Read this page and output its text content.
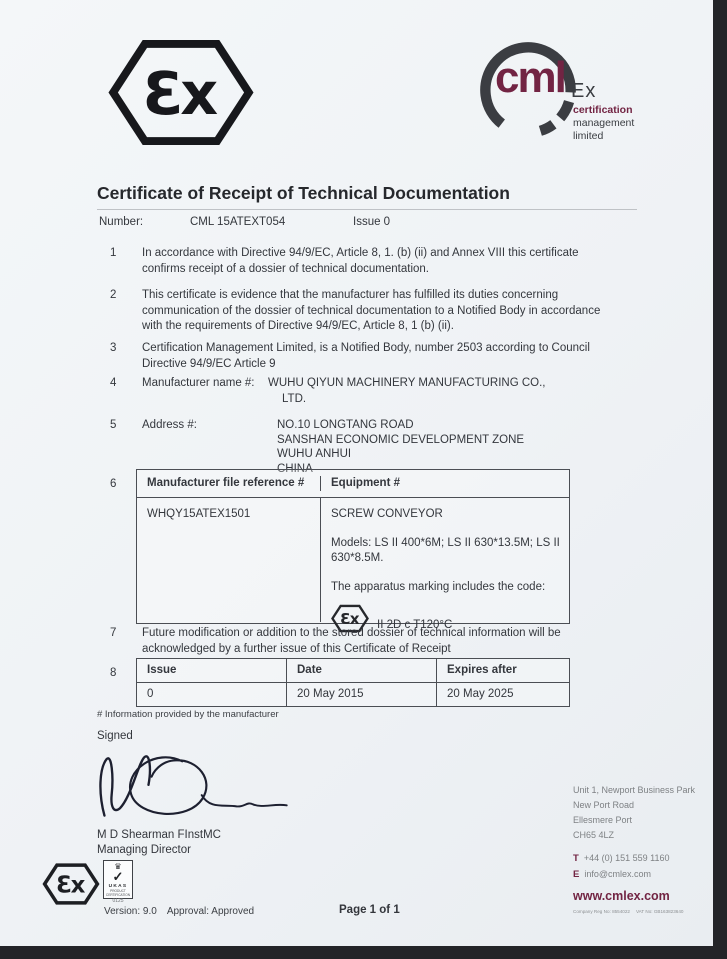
Ɛx	cml Ex
certification
management
limited
Certificate of Receipt of Technical Documentation
Number:	CML 15ATEXT054	Issue 0
1 In accordance with Directive 94/9/EC, Article 8, 1. (b) (ii) and Annex VIII this certificate confirms receipt of a dossier of technical documentation.
2 This certificate is evidence that the manufacturer has fulfilled its duties concerning communication of the dossier of technical documentation to a Notified Body in accordance with the requirements of Directive 94/9/EC, Article 8, 1 (b) (ii).
3 Certification Management Limited, is a Notified Body, number 2503 according to Council Directive 94/9/EC Article 9
4 Manufacturer name #: WUHU QIYUN MACHINERY MANUFACTURING CO.,
LTD.
5 Address #:	NO.10 LONGTANG ROAD
SANSHAN ECONOMIC DEVELOPMENT ZONE
WUHU ANHUI
CHINA
6	Manufacturer file reference #	Equipment #
WHQY15ATEX1501	SCREW CONVEYOR
Models: LS II 400*6M; LS II 630*13.5M; LS II 630*8.5M.
The apparatus marking includes the code:
Ɛx II 2D c T120°C
7 Future modification or addition to the stored dossier of technical information will be acknowledged by a further issue of this Certificate of Receipt
8	Issue	Date	Expires after
0	20 May 2015	20 May 2025
# Information provided by the manufacturer
Signed
M D Shearman FInstMC
Managing Director
Ɛx
♛
✓
UKAS
PRODUCT CERTIFICATION
0125
Version: 9.0 Approval: Approved	Page 1 of 1
Unit 1, Newport Business Park
New Port Road
Ellesmere Port
CH65 4LZ
T +44 (0) 151 559 1160
E info@cmlex.com
www.cmlex.com
Company Reg No: 8554022 VAT No: GB163823640
